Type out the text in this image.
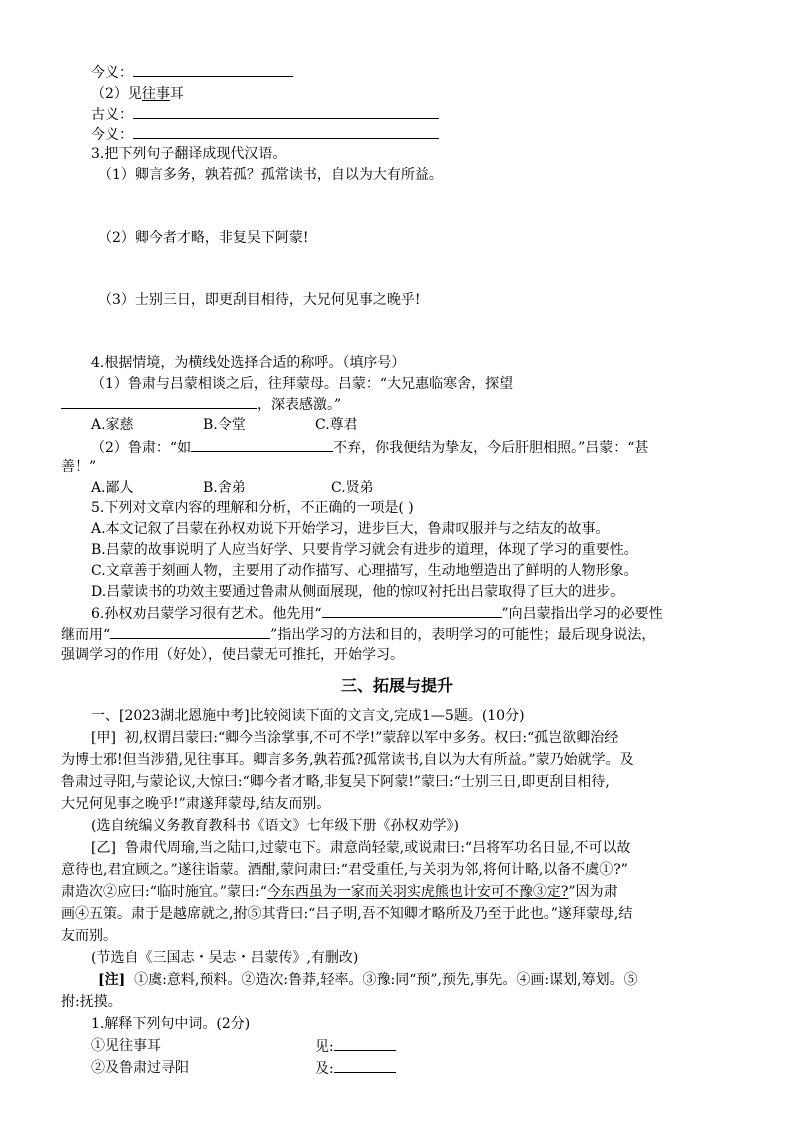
今义：
（2）见往事耳
古义：
今义：
3.把下列句子翻译成现代汉语。
（1）卿言多务，孰若孤？孤常读书，自以为大有所益。
（2）卿今者才略，非复吴下阿蒙!
（3）士别三日，即更刮目相待，大兄何见事之晚乎!
4.根据情境，为横线处选择合适的称呼。（填序号）
（1）鲁肃与吕蒙相谈之后，往拜蒙母。吕蒙：“大兄惠临寒舍，探望
，深表感激。”
A.家慈	B.令堂	C.尊君
（2）鲁肃：“如	不弃，你我便结为挚友，今后肝胆相照。”吕蒙：“甚
善！”
A.鄙人	B.舍弟	C.贤弟
5.下列对文章内容的理解和分析，不正确的一项是( )
A.本文记叙了吕蒙在孙权劝说下开始学习，进步巨大，鲁肃叹服并与之结友的故事。
B.吕蒙的故事说明了人应当好学、只要肯学习就会有进步的道理，体现了学习的重要性。
C.文章善于刻画人物，主要用了动作描写、心理描写，生动地塑造出了鲜明的人物形象。
D.吕蒙读书的功效主要通过鲁肃从侧面展现，他的惊叹衬托出吕蒙取得了巨大的进步。
6.孙权劝吕蒙学习很有艺术。他先用“	”向吕蒙指出学习的必要性
继而用“	”指出学习的方法和目的，表明学习的可能性；最后现身说法，
强调学习的作用（好处），使吕蒙无可推托，开始学习。
三、拓展与提升
一、[2023湖北恩施中考]比较阅读下面的文言文,完成1—5题。(10分)
[甲] 初,权谓吕蒙曰:“卿今当涂掌事,不可不学!”蒙辞以军中多务。权曰:“孤岂欲卿治经
为博士邪!但当涉猎,见往事耳。卿言多务,孰若孤?孤常读书,自以为大有所益。”蒙乃始就学。及
鲁肃过寻阳,与蒙论议,大惊曰:“卿今者才略,非复吴下阿蒙!”蒙曰:“士别三日,即更刮目相待,
大兄何见事之晚乎!”肃遂拜蒙母,结友而别。
(选自统编义务教育教科书《语文》七年级下册《孙权劝学》)
[乙] 鲁肃代周瑜,当之陆口,过蒙屯下。肃意尚轻蒙,或说肃曰:“吕将军功名日显,不可以故
意待也,君宜顾之。”遂往诣蒙。酒酣,蒙问肃曰:“君受重任,与关羽为邻,将何计略,以备不虞①?”
肃造次②应曰:“临时施宜。”蒙曰:“今东西虽为一家而关羽实虎熊也计安可不豫③定?”因为肃
画④五策。肃于是越席就之,拊⑤其背曰:“吕子明,吾不知卿才略所及乃至于此也。”遂拜蒙母,结
友而别。
(节选自《三国志・吴志・吕蒙传》,有删改)
[注] ①虞:意料,预料。②造次:鲁莽,轻率。③豫:同“预”,预先,事先。④画:谋划,筹划。⑤
拊:抚摸。
1.解释下列句中词。(2分)
①见往事耳	见:
②及鲁肃过寻阳	及:
